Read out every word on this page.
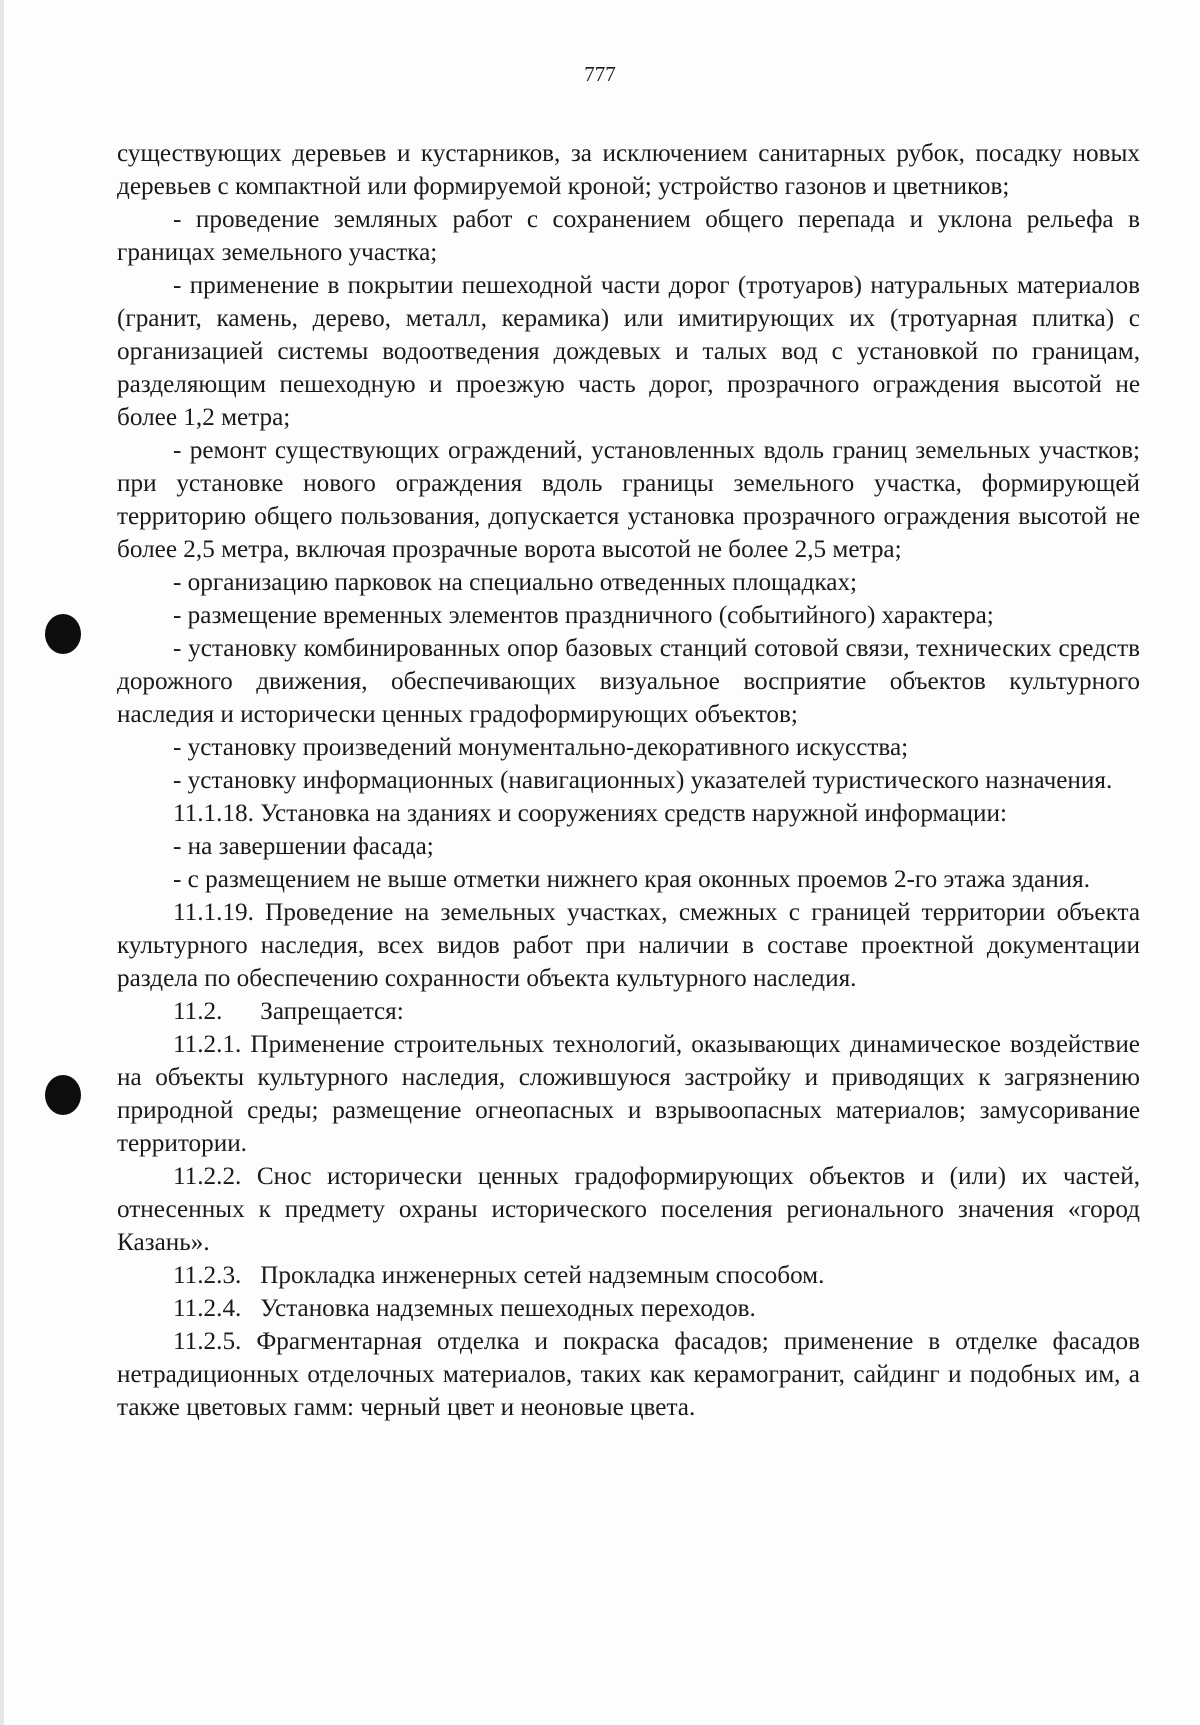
777

существующих деревьев и кустарников, за исключением санитарных рубок, посадку новых деревьев с компактной или формируемой кроной; устройство газонов и цветников;

- проведение земляных работ с сохранением общего перепада и уклона рельефа в границах земельного участка;

- применение в покрытии пешеходной части дорог (тротуаров) натуральных материалов (гранит, камень, дерево, металл, керамика) или имитирующих их (тротуарная плитка) с организацией системы водоотведения дождевых и талых вод с установкой по границам, разделяющим пешеходную и проезжую часть дорог, прозрачного ограждения высотой не более 1,2 метра;

- ремонт существующих ограждений, установленных вдоль границ земельных участков; при установке нового ограждения вдоль границы земельного участка, формирующей территорию общего пользования, допускается установка прозрачного ограждения высотой не более 2,5 метра, включая прозрачные ворота высотой не более 2,5 метра;

- организацию парковок на специально отведенных площадках;

- размещение временных элементов праздничного (событийного) характера;

- установку комбинированных опор базовых станций сотовой связи, технических средств дорожного движения, обеспечивающих визуальное восприятие объектов культурного наследия и исторически ценных градоформирующих объектов;

- установку произведений монументально-декоративного искусства;

- установку информационных (навигационных) указателей туристического назначения.

11.1.18. Установка на зданиях и сооружениях средств наружной информации:

- на завершении фасада;

- с размещением не выше отметки нижнего края оконных проемов 2-го этажа здания.

11.1.19. Проведение на земельных участках, смежных с границей территории объекта культурного наследия, всех видов работ при наличии в составе проектной документации раздела по обеспечению сохранности объекта культурного наследия.

11.2.      Запрещается:

11.2.1. Применение строительных технологий, оказывающих динамическое воздействие на объекты культурного наследия, сложившуюся застройку и приводящих к загрязнению природной среды; размещение огнеопасных и взрывоопасных материалов; замусоривание территории.

11.2.2. Снос исторически ценных градоформирующих объектов и (или) их частей, отнесенных к предмету охраны исторического поселения регионального значения «город Казань».

11.2.3.   Прокладка инженерных сетей надземным способом.

11.2.4.   Установка надземных пешеходных переходов.

11.2.5. Фрагментарная отделка и покраска фасадов; применение в отделке фасадов нетрадиционных отделочных материалов, таких как керамогранит, сайдинг и подобных им, а также цветовых гамм: черный цвет и неоновые цвета.
